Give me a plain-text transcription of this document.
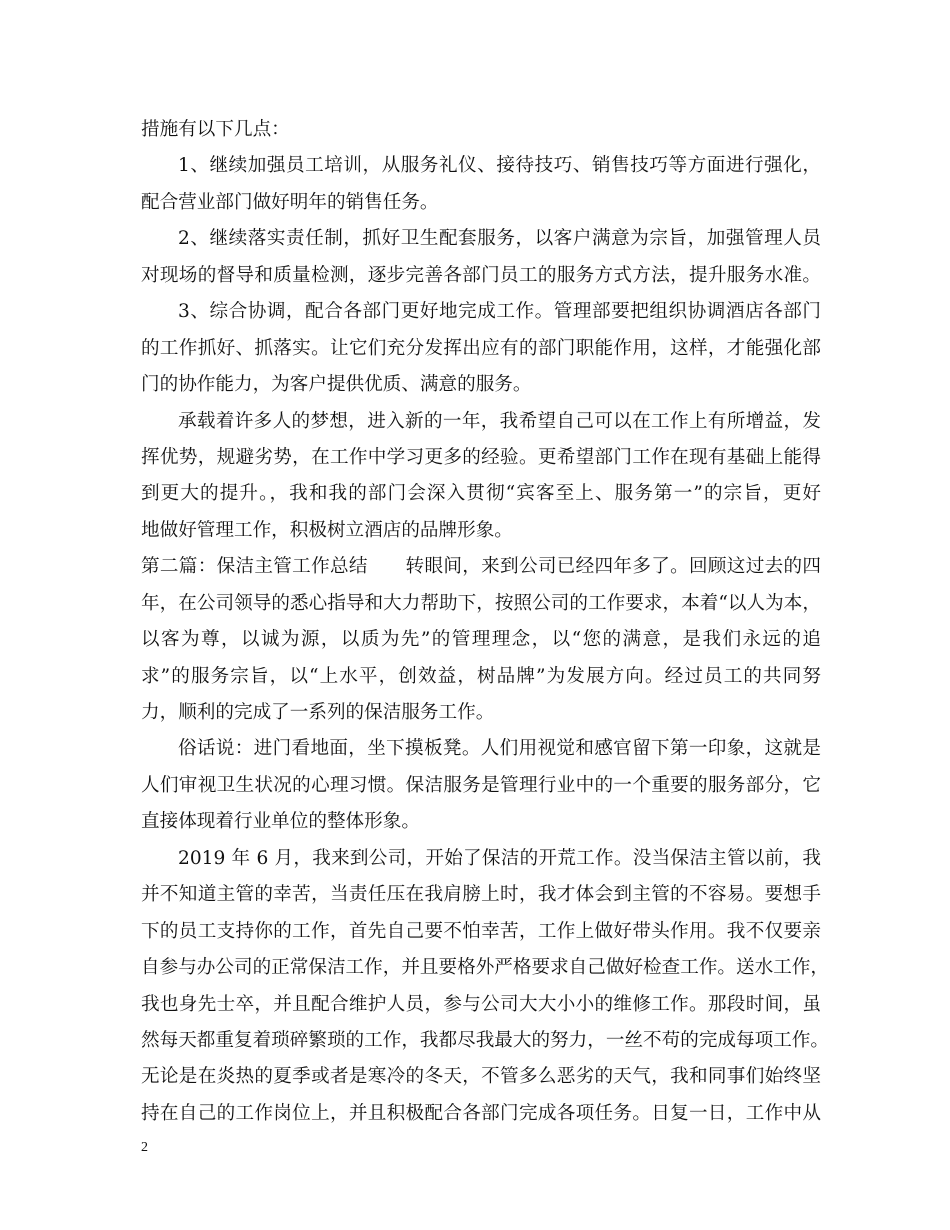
措施有以下几点：
1、继续加强员工培训，从服务礼仪、接待技巧、销售技巧等方面进行强化，
配合营业部门做好明年的销售任务。
2、继续落实责任制，抓好卫生配套服务，以客户满意为宗旨，加强管理人员
对现场的督导和质量检测，逐步完善各部门员工的服务方式方法，提升服务水准。
3、综合协调，配合各部门更好地完成工作。管理部要把组织协调酒店各部门
的工作抓好、抓落实。让它们充分发挥出应有的部门职能作用，这样，才能强化部
门的协作能力，为客户提供优质、满意的服务。
承载着许多人的梦想，进入新的一年，我希望自己可以在工作上有所增益，发
挥优势，规避劣势，在工作中学习更多的经验。更希望部门工作在现有基础上能得
到更大的提升。，我和我的部门会深入贯彻“宾客至上、服务第一”的宗旨，更好
地做好管理工作，积极树立酒店的品牌形象。
第二篇：保洁主管工作总结　　转眼间，来到公司已经四年多了。回顾这过去的四
年，在公司领导的悉心指导和大力帮助下，按照公司的工作要求，本着“以人为本，
以客为尊，以诚为源，以质为先”的管理理念，以“您的满意，是我们永远的追
求”的服务宗旨，以“上水平，创效益，树品牌”为发展方向。经过员工的共同努
力，顺利的完成了一系列的保洁服务工作。
俗话说：进门看地面，坐下摸板凳。人们用视觉和感官留下第一印象，这就是
人们审视卫生状况的心理习惯。保洁服务是管理行业中的一个重要的服务部分，它
直接体现着行业单位的整体形象。
2019 年 6 月，我来到公司，开始了保洁的开荒工作。没当保洁主管以前，我
并不知道主管的幸苦，当责任压在我肩膀上时，我才体会到主管的不容易。要想手
下的员工支持你的工作，首先自己要不怕幸苦，工作上做好带头作用。我不仅要亲
自参与办公司的正常保洁工作，并且要格外严格要求自己做好检查工作。送水工作，
我也身先士卒，并且配合维护人员，参与公司大大小小的维修工作。那段时间，虽
然每天都重复着琐碎繁琐的工作，我都尽我最大的努力，一丝不苟的完成每项工作。
无论是在炎热的夏季或者是寒冷的冬天，不管多么恶劣的天气，我和同事们始终坚
持在自己的工作岗位上，并且积极配合各部门完成各项任务。日复一日，工作中从
2
